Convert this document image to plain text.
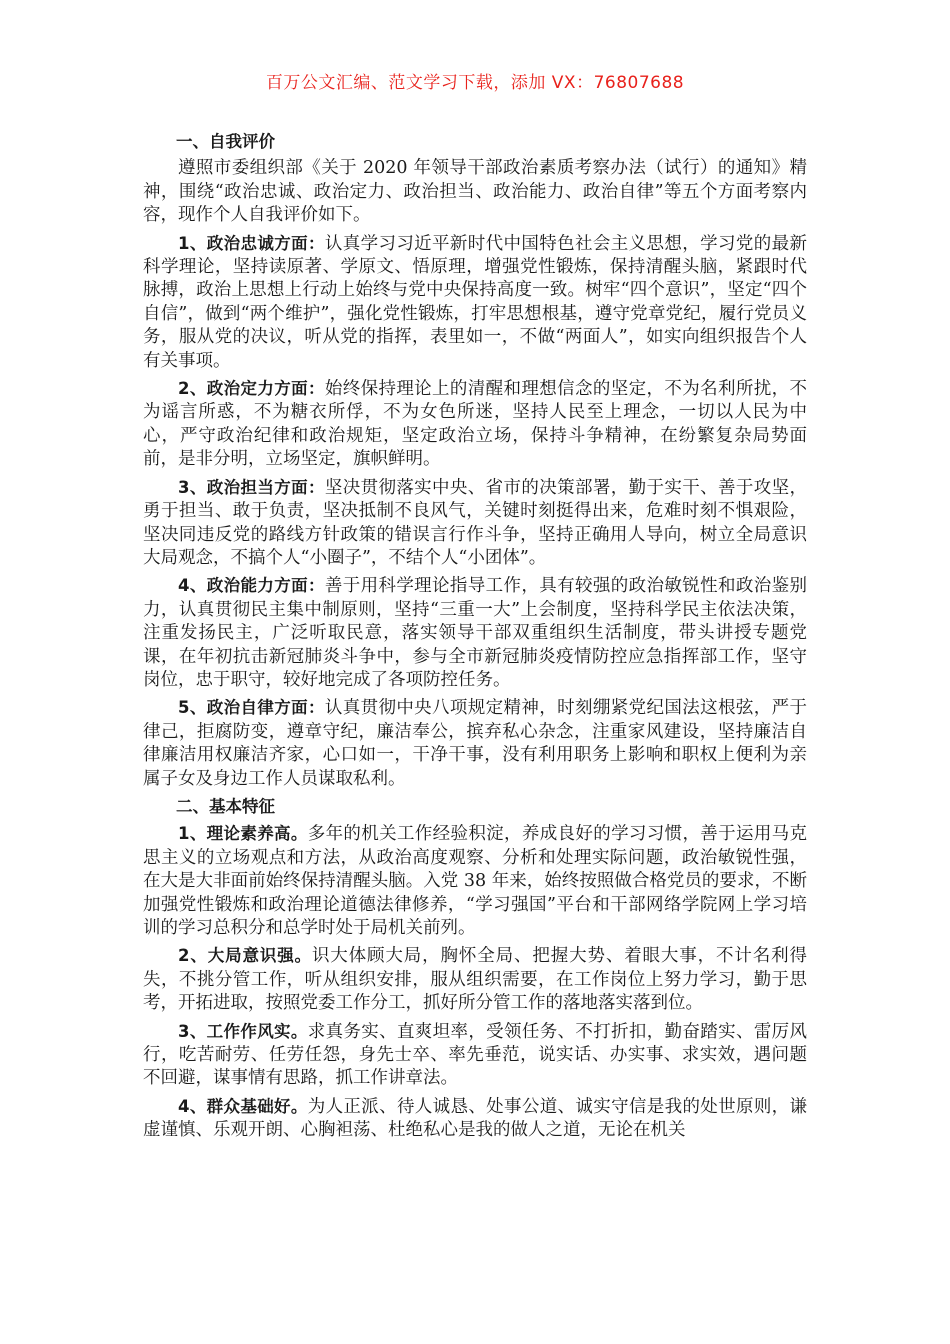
百万公文汇编、范文学习下载，添加 VX：76807688

一、自我评价

遵照市委组织部《关于 2020 年领导干部政治素质考察办法（试行）的通知》精神，围绕“政治忠诚、政治定力、政治担当、政治能力、政治自律”等五个方面考察内容，现作个人自我评价如下。

1、政治忠诚方面：认真学习习近平新时代中国特色社会主义思想，学习党的最新科学理论，坚持读原著、学原文、悟原理，增强党性锻炼，保持清醒头脑，紧跟时代脉搏，政治上思想上行动上始终与党中央保持高度一致。树牢“四个意识”，坚定“四个自信”，做到“两个维护”，强化党性锻炼，打牢思想根基，遵守党章党纪，履行党员义务，服从党的决议，听从党的指挥，表里如一，不做“两面人”，如实向组织报告个人有关事项。

2、政治定力方面：始终保持理论上的清醒和理想信念的坚定，不为名利所扰，不为谣言所惑，不为糖衣所俘，不为女色所迷，坚持人民至上理念，一切以人民为中心，严守政治纪律和政治规矩，坚定政治立场，保持斗争精神，在纷繁复杂局势面前，是非分明，立场坚定，旗帜鲜明。

3、政治担当方面：坚决贯彻落实中央、省市的决策部署，勤于实干、善于攻坚，勇于担当、敢于负责，坚决抵制不良风气，关键时刻挺得出来，危难时刻不惧艰险，坚决同违反党的路线方针政策的错误言行作斗争，坚持正确用人导向，树立全局意识大局观念，不搞个人“小圈子”，不结个人“小团体”。

4、政治能力方面：善于用科学理论指导工作，具有较强的政治敏锐性和政治鉴别力，认真贯彻民主集中制原则，坚持“三重一大”上会制度，坚持科学民主依法决策，注重发扬民主，广泛听取民意，落实领导干部双重组织生活制度，带头讲授专题党课，在年初抗击新冠肺炎斗争中，参与全市新冠肺炎疫情防控应急指挥部工作，坚守岗位，忠于职守，较好地完成了各项防控任务。

5、政治自律方面：认真贯彻中央八项规定精神，时刻绷紧党纪国法这根弦，严于律己，拒腐防变，遵章守纪，廉洁奉公，摈弃私心杂念，注重家风建设，坚持廉洁自律廉洁用权廉洁齐家，心口如一，干净干事，没有利用职务上影响和职权上便利为亲属子女及身边工作人员谋取私利。

二、基本特征

1、理论素养高。多年的机关工作经验积淀，养成良好的学习习惯，善于运用马克思主义的立场观点和方法，从政治高度观察、分析和处理实际问题，政治敏锐性强，在大是大非面前始终保持清醒头脑。入党 38 年来，始终按照做合格党员的要求，不断加强党性锻炼和政治理论道德法律修养，“学习强国”平台和干部网络学院网上学习培训的学习总积分和总学时处于局机关前列。

2、大局意识强。识大体顾大局，胸怀全局、把握大势、着眼大事，不计名利得失，不挑分管工作，听从组织安排，服从组织需要，在工作岗位上努力学习，勤于思考，开拓进取，按照党委工作分工，抓好所分管工作的落地落实落到位。

3、工作作风实。求真务实、直爽坦率，受领任务、不打折扣，勤奋踏实、雷厉风行，吃苦耐劳、任劳任怨，身先士卒、率先垂范，说实话、办实事、求实效，遇问题不回避，谋事情有思路，抓工作讲章法。

4、群众基础好。为人正派、待人诚恳、处事公道、诚实守信是我的处世原则，谦虚谨慎、乐观开朗、心胸袒荡、杜绝私心是我的做人之道，无论在机关
